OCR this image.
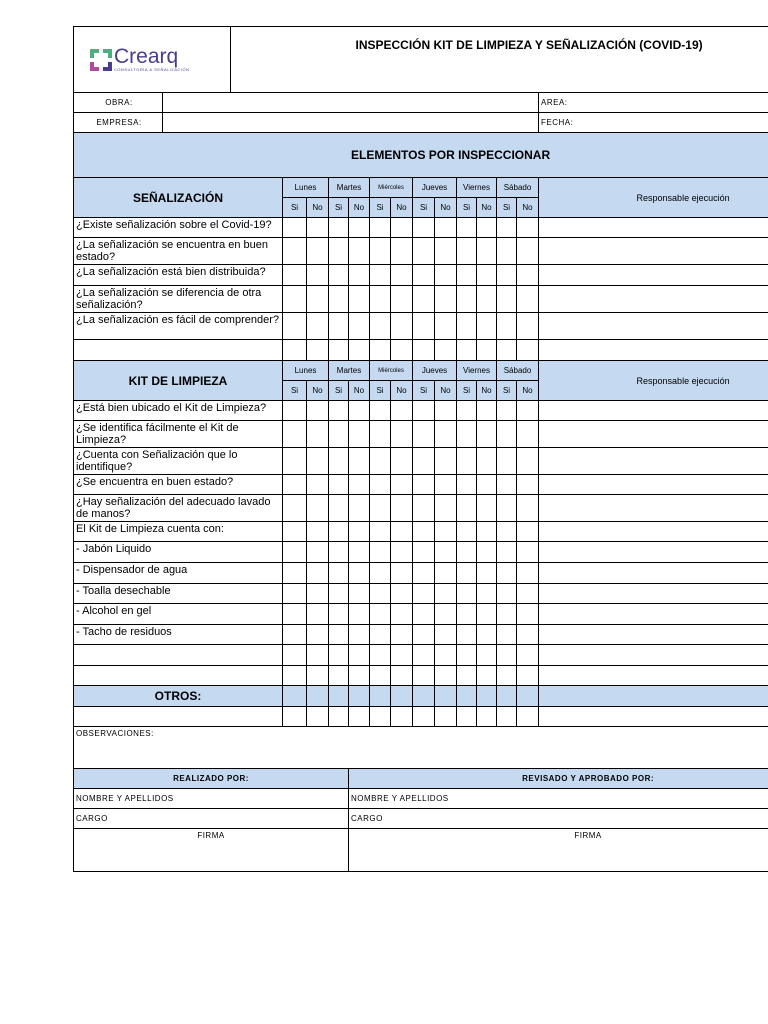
Crearq
CONSULTORÍA & SEÑALIZACIÓN		INSPECCIÓN KIT DE LIMPIEZA Y SEÑALIZACIÓN (COVID-19)													
OBRA:															AREA:
EMPRESA:															FECHA:
ELEMENTOS POR INSPECCIONAR															
SEÑALIZACIÓN			Lunes		Martes		Miércoles		Jueves		Viernes		Sábado		Responsable ejecución
			Si	No	Si	No	Si	No	Si	No	Si	No	Si	No	
¿Existe señalización sobre el Covid-19?															
¿La señalización se encuentra en buen estado?															
¿La señalización está bien distribuida?															
¿La señalización se diferencia de otra señalización?															
¿La señalización es fácil de comprender?															

KIT DE LIMPIEZA			Lunes		Martes		Miércoles		Jueves		Viernes		Sábado		Responsable ejecución
			Si	No	Si	No	Si	No	Si	No	Si	No	Si	No	
¿Está bien ubicado el Kit de Limpieza?															
¿Se identifica fácilmente el Kit de Limpieza?															
¿Cuenta con Señalización que lo identifique?															
¿Se encuentra en buen estado?															
¿Hay señalización del adecuado lavado de manos?															
El Kit de Limpieza cuenta con:															
- Jabón Liquido															
- Dispensador de agua															
- Toalla desechable															
- Alcohol en gel															
- Tacho de residuos															

OTROS:															

OBSERVACIONES:															
REALIZADO POR:						REVISADO Y APROBADO POR:									
NOMBRE Y APELLIDOS						NOMBRE Y APELLIDOS									
CARGO						CARGO									
FIRMA						FIRMA									
